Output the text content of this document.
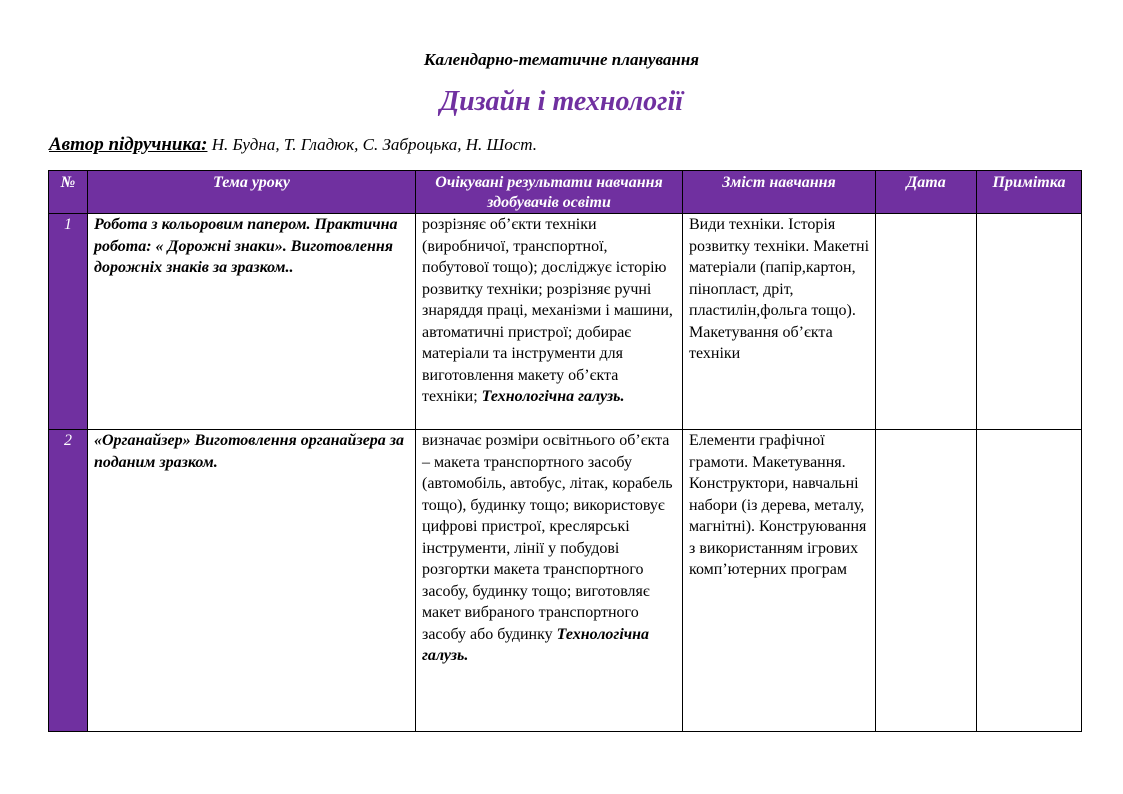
Календарно-тематичне планування
Дизайн і технології
Автор підручника: Н. Будна, Т. Гладюк, С. Заброцька, Н. Шост.
№	Тема уроку	Очікувані результати навчання здобувачів освіти	Зміст навчання	Дата	Примітка
1	Робота з кольоровим папером. Практична робота: « Дорожні знаки». Виготовлення дорожніх знаків за зразком..	розрізняє об’єкти техніки (виробничої, транспортної, побутової тощо); досліджує історію розвитку техніки; розрізняє ручні знаряддя праці, механізми і машини, автоматичні пристрої; добирає матеріали та інструменти для виготовлення макету об’єкта техніки; Технологічна галузь.	Види техніки. Історія розвитку техніки. Макетні матеріали (папір,картон, пінопласт, дріт, пластилін,фольга тощо). Макетування об’єкта техніки		
2	«Органайзер» Виготовлення органайзера за поданим зразком.	визначає розміри освітнього об’єкта – макета транспортного засобу (автомобіль, автобус, літак, корабель тощо), будинку тощо; використовує цифрові пристрої, креслярські інструменти, лінії у побудові розгортки макета транспортного засобу, будинку тощо; виготовляє макет вибраного транспортного засобу або будинку Технологічна галузь.	Елементи графічної грамоти. Макетування. Конструктори, навчальні набори (із дерева, металу, магнітні). Конструювання з використанням ігрових комп’ютерних програм		
